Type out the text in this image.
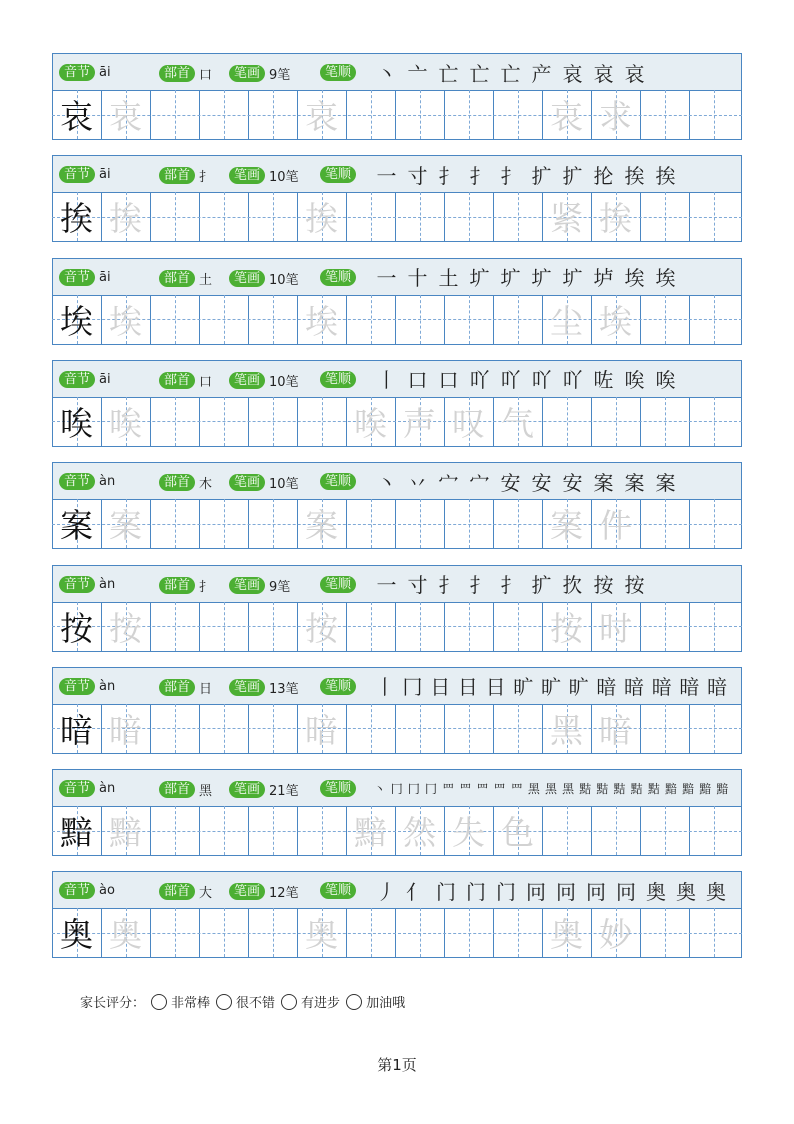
音节 āi	部首 口	笔画 9笔	笔顺 丶 亠 亡 亡 亡 产 哀 哀 哀
哀 哀	哀	哀 求
音节 āi	部首 扌	笔画 10笔	笔顺 一 寸 扌 扌 扌 扩 扩 抡 挨 挨
挨 挨	挨	紧 挨
音节 āi	部首 土	笔画 10笔	笔顺 一 十 土 圹 圹 圹 圹 垆 埃 埃
埃 埃	埃	尘 埃
音节 āi	部首 口	笔画 10笔	笔顺 丨 口 口 吖 吖 吖 吖 咗 唉 唉
唉 唉	唉 声 叹 气
音节 àn	部首 木	笔画 10笔	笔顺 丶 丷 宀 宀 安 安 安 案 案 案
案 案	案	案 件
音节 àn	部首 扌	笔画 9笔	笔顺 一 寸 扌 扌 扌 扩 扻 按 按
按 按	按	按 时
音节 àn	部首 日	笔画 13笔	笔顺 丨 冂 日 日 日 旷 旷 旷 暗 暗 暗 暗 暗
暗 暗	暗	黑 暗
音节 àn	部首 黑	笔画 21笔	笔顺	丶 冂 冂 冂 罒 罒 罒 罒 罒 黑 黑 黑 黠 黠 黠 黠 黠 黯 黯 黯 黯
黯 黯	黯 然 失 色
音节 ào	部首 大	笔画 12笔	笔顺 丿 亻 门 门 门 冋 冋 冋 冋 奥 奥 奥
奥 奥	奥	奥 妙
家长评分： 非常棒 很不错 有进步 加油哦
第1页
